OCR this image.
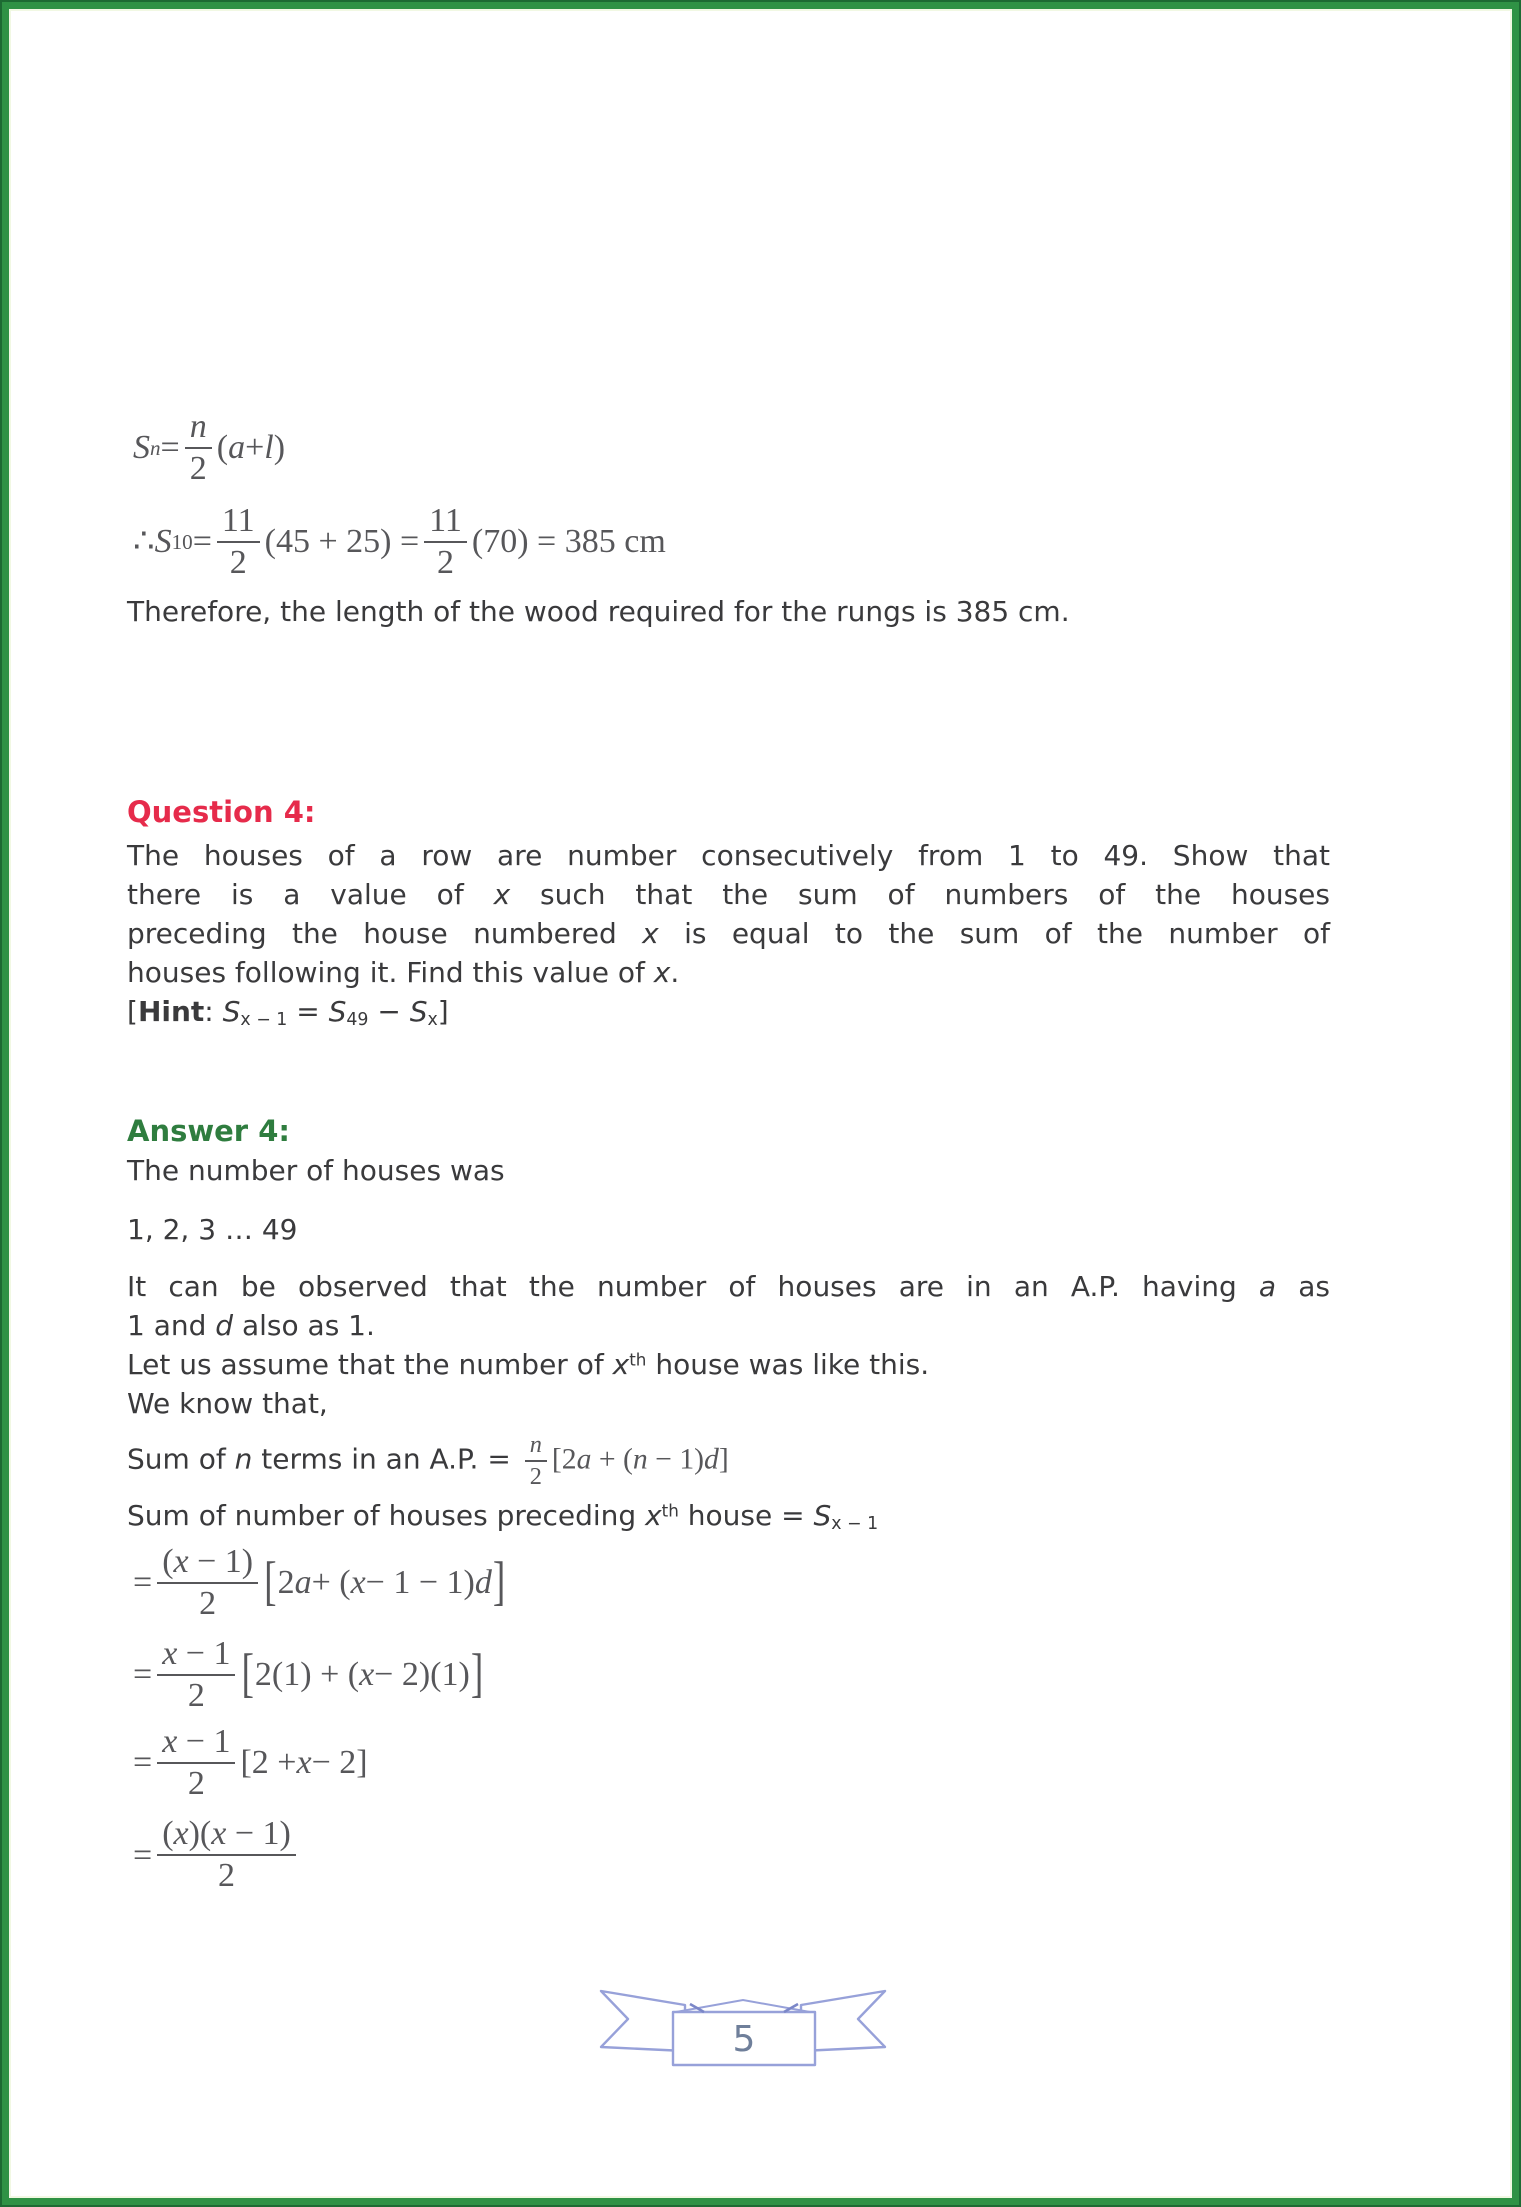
S $n = \frac{n}{2}$ ( a + l )
∴ S $10 = \frac{11}{2} (45 + 25) = \frac{11}{2} (70) = 385$ cm

Therefore, the length of the wood required for the rungs is 385 cm.

Question 4:
The houses of a row are number consecutively from 1 to 49. Show that
there is a value of x such that the sum of numbers of the houses
preceding the house numbered x is equal to the sum of the number of
houses following it. Find this value of x.
[Hint: Sx − 1 = S49 − Sx]
Answer 4:
The number of houses was
1, 2, 3 … 49
It can be observed that the number of houses are in an A.P. having a as
1 and d also as 1.
Let us assume that the number of $x^{th}$ house was like this.
We know that,
Sum of n terms in an A.P. = $\frac{n}{2} [2a + (n - 1)d]$
Sum of number of houses preceding $x^{th}$ house = Sx − 1
= $\frac{(x - 1)}{2}$ [ 2 a + ( x − 1 − 1) d ]
= $\frac{x - 1}{2}$ [ 2(1) + ( x − 2)(1) ]
= $\frac{x - 1}{2} [2 + x - 2]$
= $\frac{(x)(x - 1)}{2}$
5
